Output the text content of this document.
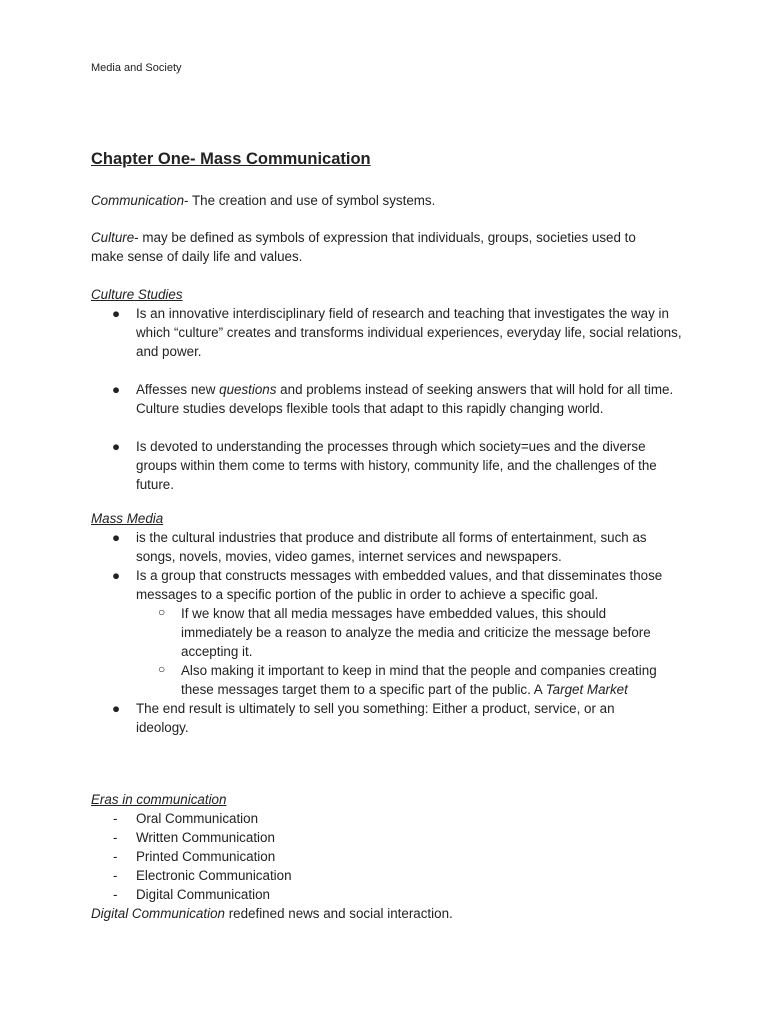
Media and Society
Chapter One- Mass Communication
Communication- The creation and use of symbol systems.
Culture- may be defined as symbols of expression that individuals, groups, societies used to make sense of daily life and values.
Culture Studies
● Is an innovative interdisciplinary field of research and teaching that investigates the way in which “culture” creates and transforms individual experiences, everyday life, social relations, and power.
● Affesses new questions and problems instead of seeking answers that will hold for all time. Culture studies develops flexible tools that adapt to this rapidly changing world.
● Is devoted to understanding the processes through which society=ues and the diverse groups within them come to terms with history, community life, and the challenges of the future.
Mass Media
● is the cultural industries that produce and distribute all forms of entertainment, such as songs, novels, movies, video games, internet services and newspapers.
● Is a group that constructs messages with embedded values, and that disseminates those messages to a specific portion of the public in order to achieve a specific goal.
○ If we know that all media messages have embedded values, this should immediately be a reason to analyze the media and criticize the message before accepting it.
○ Also making it important to keep in mind that the people and companies creating these messages target them to a specific part of the public. A Target Market
● The end result is ultimately to sell you something: Either a product, service, or an ideology.
Eras in communication
- Oral Communication
- Written Communication
- Printed Communication
- Electronic Communication
- Digital Communication
Digital Communication redefined news and social interaction.
